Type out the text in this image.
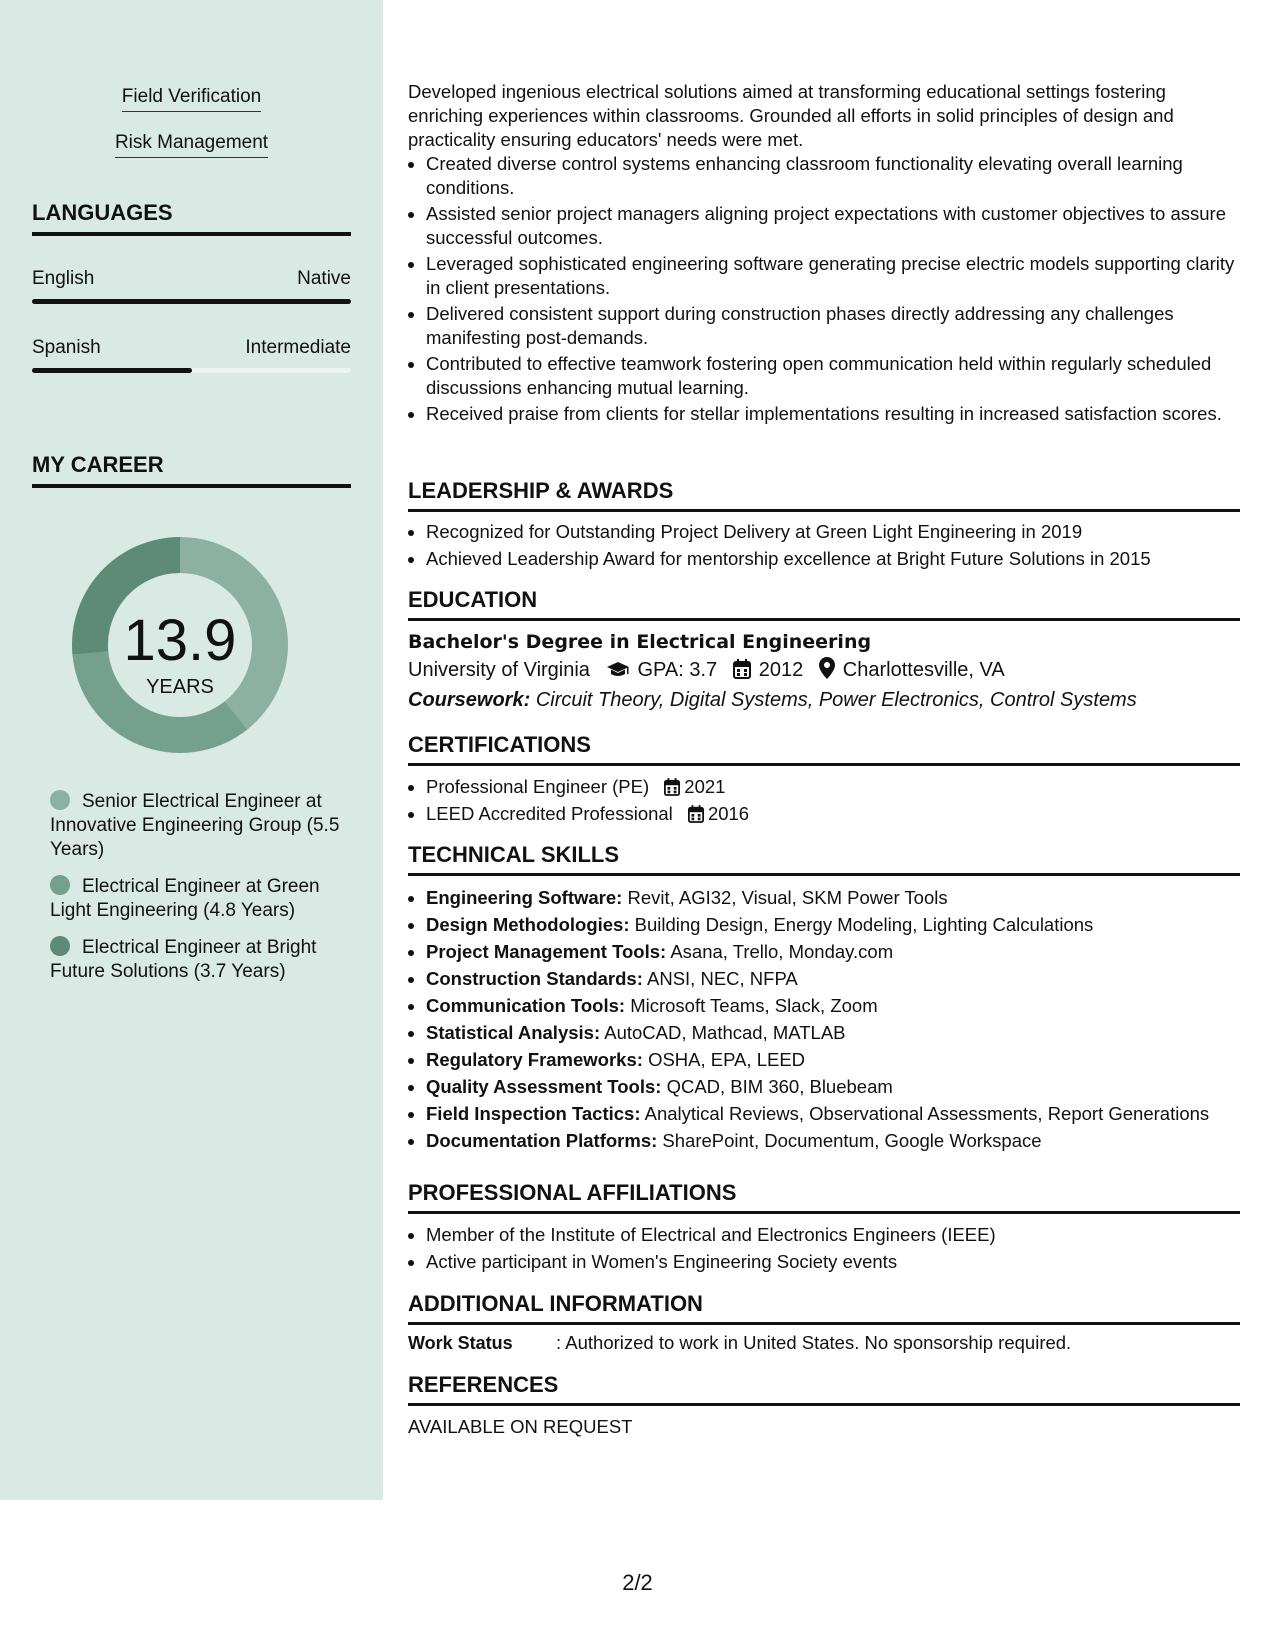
Field Verification
Risk Management
LANGUAGES
English	Native
Spanish	Intermediate
MY CAREER
13.9
YEARS
Senior Electrical Engineer at Innovative Engineering Group (5.5 Years)
Electrical Engineer at Green Light Engineering (4.8 Years)
Electrical Engineer at Bright Future Solutions (3.7 Years)

Developed ingenious electrical solutions aimed at transforming educational settings fostering enriching experiences within classrooms. Grounded all efforts in solid principles of design and practicality ensuring educators' needs were met.

• Created diverse control systems enhancing classroom functionality elevating overall learning conditions.
• Assisted senior project managers aligning project expectations with customer objectives to assure successful outcomes.
• Leveraged sophisticated engineering software generating precise electric models supporting clarity in client presentations.
• Delivered consistent support during construction phases directly addressing any challenges manifesting post-demands.
• Contributed to effective teamwork fostering open communication held within regularly scheduled discussions enhancing mutual learning.
• Received praise from clients for stellar implementations resulting in increased satisfaction scores.
LEADERSHIP & AWARDS
• Recognized for Outstanding Project Delivery at Green Light Engineering in 2019
• Achieved Leadership Award for mentorship excellence at Bright Future Solutions in 2015
EDUCATION
Bachelor's Degree in Electrical Engineering
University of Virginia GPA: 3.7 2012 Charlottesville, VA
Coursework: Circuit Theory, Digital Systems, Power Electronics, Control Systems
CERTIFICATIONS
• Professional Engineer (PE) 2021
• LEED Accredited Professional 2016
TECHNICAL SKILLS
• Engineering Software: Revit, AGI32, Visual, SKM Power Tools
• Design Methodologies: Building Design, Energy Modeling, Lighting Calculations
• Project Management Tools: Asana, Trello, Monday.com
• Construction Standards: ANSI, NEC, NFPA
• Communication Tools: Microsoft Teams, Slack, Zoom
• Statistical Analysis: AutoCAD, Mathcad, MATLAB
• Regulatory Frameworks: OSHA, EPA, LEED
• Quality Assessment Tools: QCAD, BIM 360, Bluebeam
• Field Inspection Tactics: Analytical Reviews, Observational Assessments, Report Generations
• Documentation Platforms: SharePoint, Documentum, Google Workspace
PROFESSIONAL AFFILIATIONS
• Member of the Institute of Electrical and Electronics Engineers (IEEE)
• Active participant in Women's Engineering Society events
ADDITIONAL INFORMATION
Work Status : Authorized to work in United States. No sponsorship required.
REFERENCES
AVAILABLE ON REQUEST
2/2
